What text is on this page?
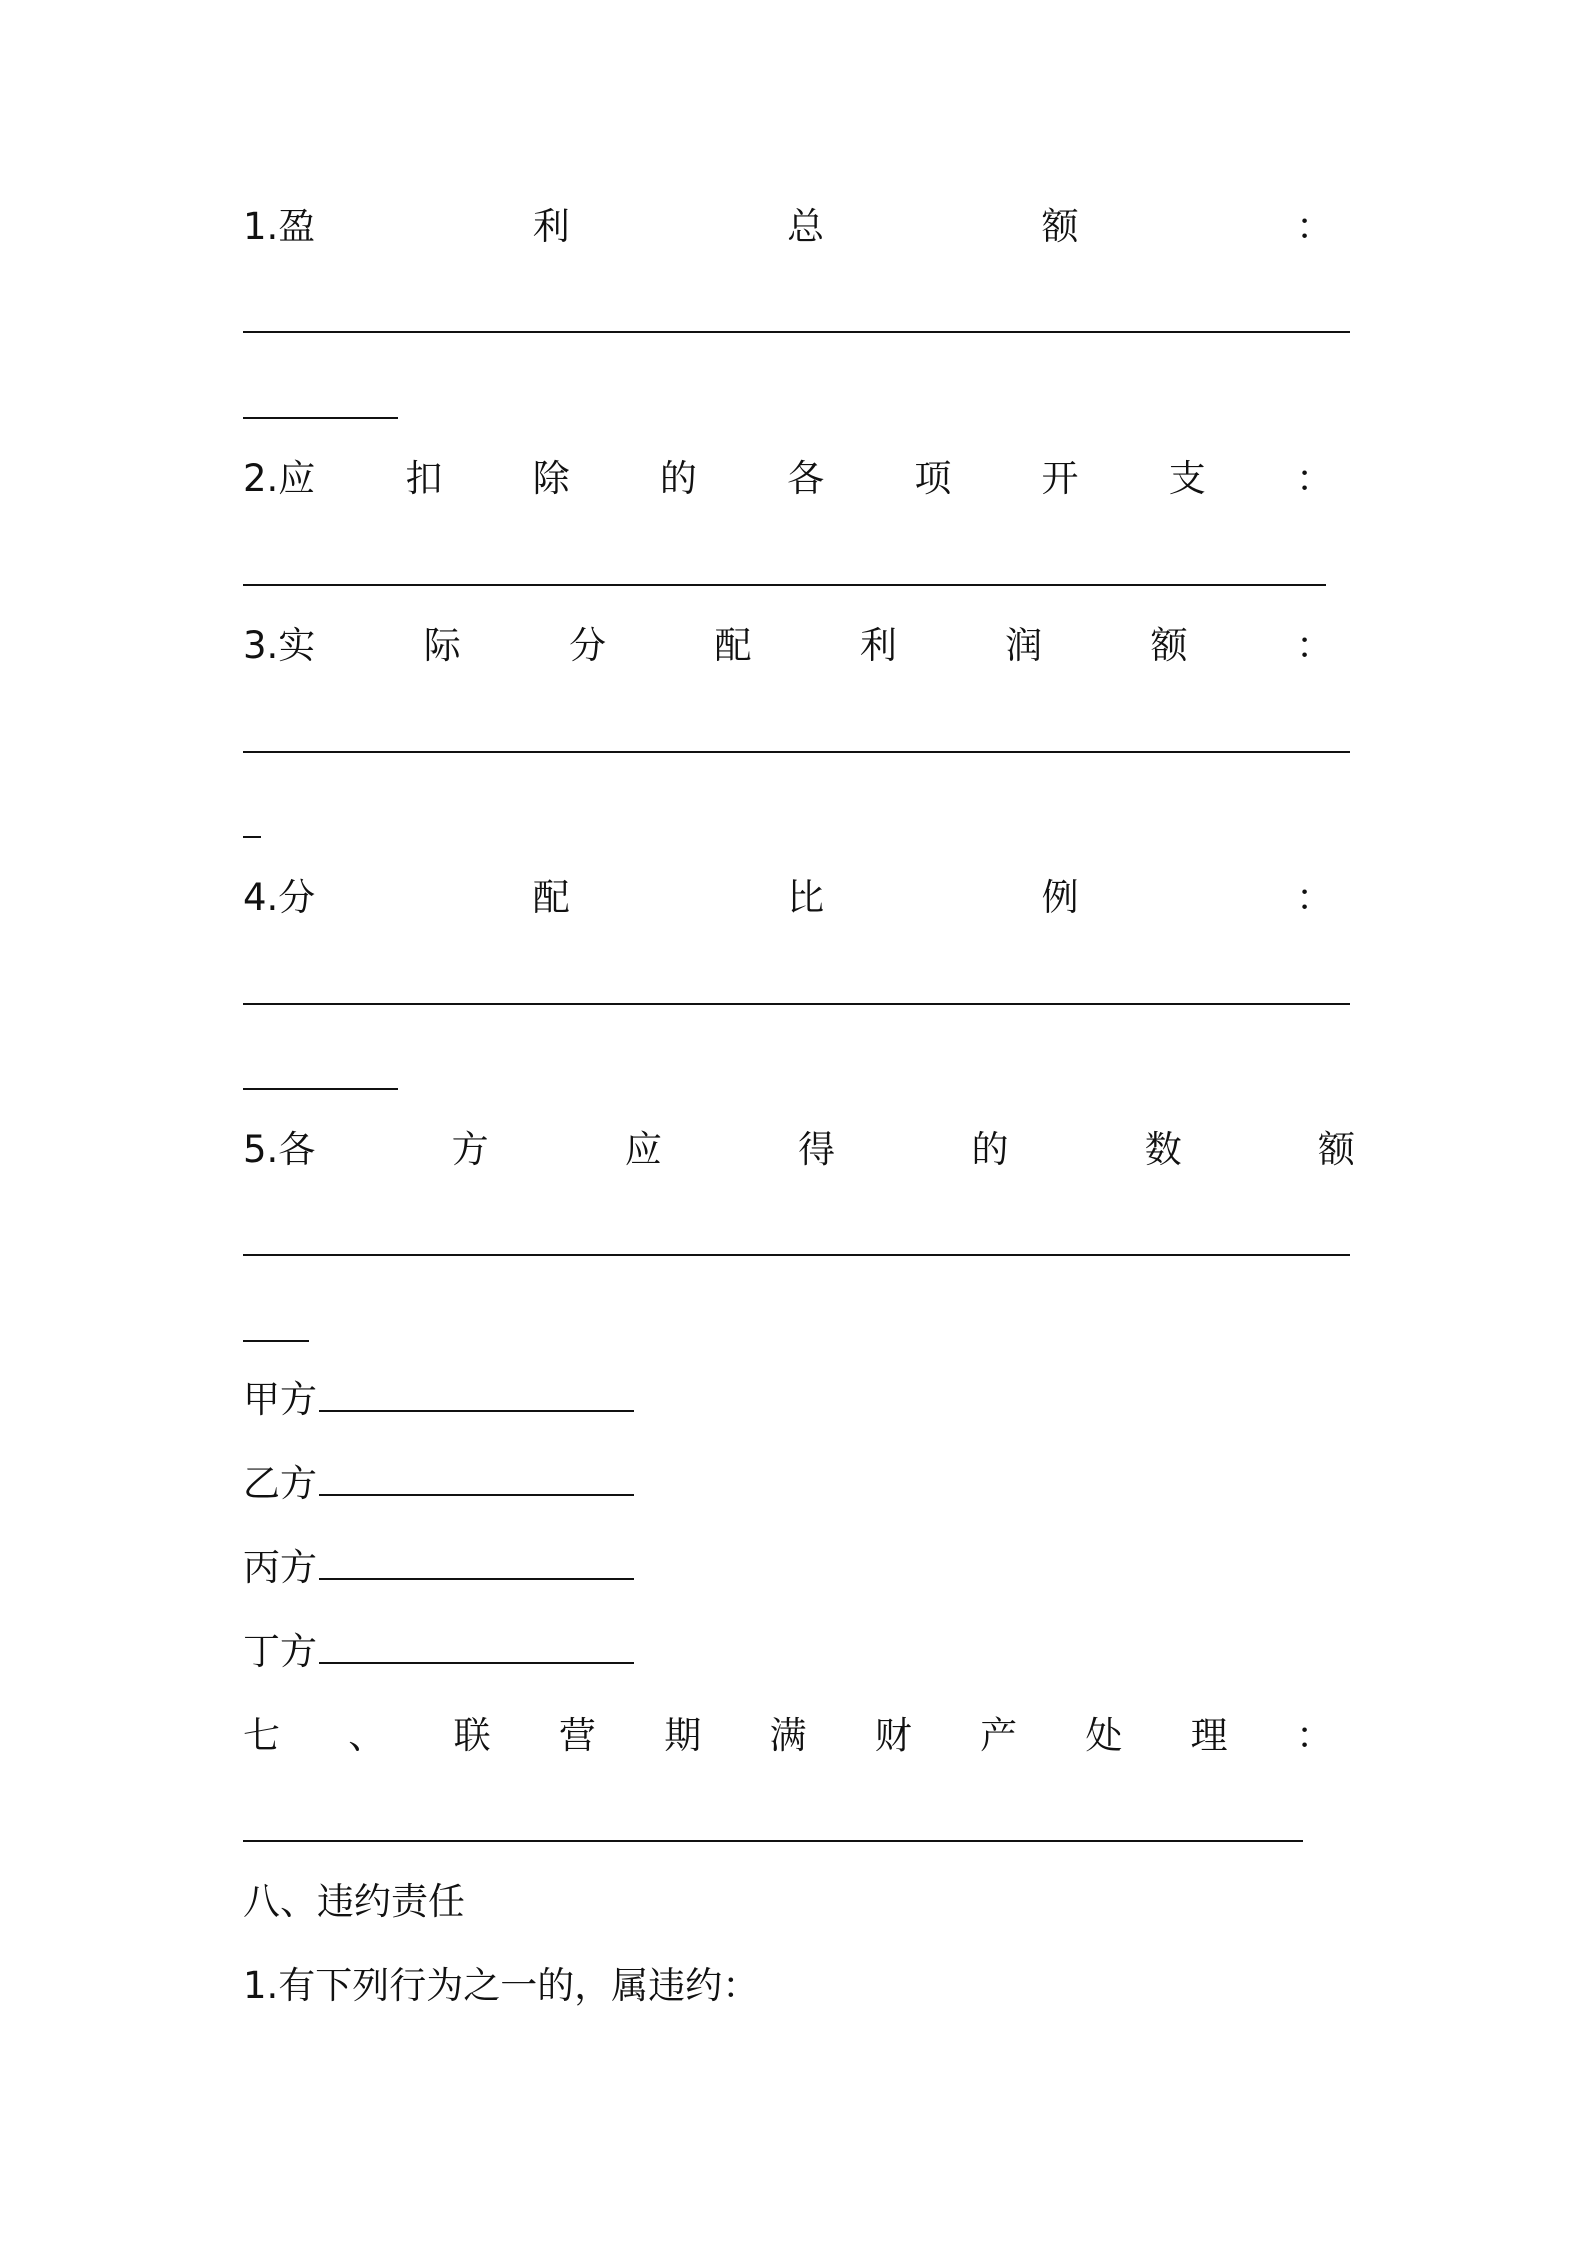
1.盈	利	总	额	：
2.应 扣 除 的 各 项 开 支 ：
3.实	际	分	配	利	润	额	：
4.分	配	比	例	：
5.各	方	应	得	的	数	额
甲方
乙方
丙方
丁方
七 、 联 营 期 满 财 产 处 理 ：
八、违约责任
1.有下列行为之一的，属违约：
